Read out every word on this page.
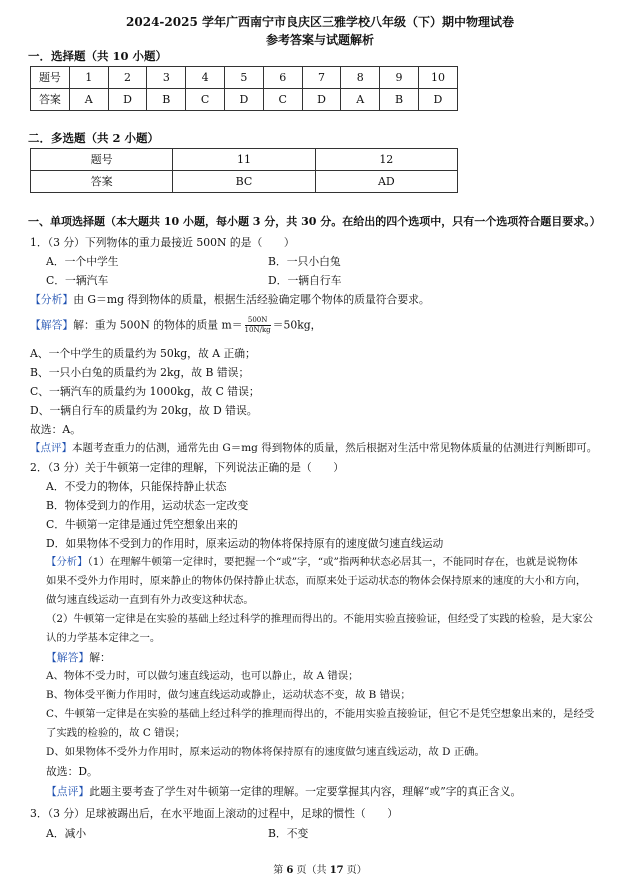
2024-2025 学年广西南宁市良庆区三雅学校八年级（下）期中物理试卷
参考答案与试题解析
一．选择题（共 10 小题）
题号	1	2	3	4	5	6	7	8	9	10
答案	A	D	B	C	D	C	D	A	B	D
二．多选题（共 2 小题）
题号	11	12
答案	BC	AD
一、单项选择题（本大题共 10 小题，每小题 3 分，共 30 分。在给出的四个选项中，只有一个选项符合题目要求。）
1．（3 分）下列物体的重力最接近 500N 的是（　　）
A．一个中学生	B．一只小白兔
C．一辆汽车	D．一辆自行车
【分析】由 G＝mg 得到物体的质量，根据生活经验确定哪个物体的质量符合要求。
【解答】解：重为 500N 的物体的质量 $m= \frac{500N}{10N/kg} =50kg$，
A、一个中学生的质量约为 50kg，故 A 正确；
B、一只小白兔的质量约为 2kg，故 B 错误；
C、一辆汽车的质量约为 1000kg，故 C 错误；
D、一辆自行车的质量约为 20kg，故 D 错误。
故选：A。
【点评】本题考查重力的估测，通常先由 G＝mg 得到物体的质量，然后根据对生活中常见物体质量的估测进行判断即可。
2．（3 分）关于牛顿第一定律的理解，下列说法正确的是（　　）
A．不受力的物体，只能保持静止状态
B．物体受到力的作用，运动状态一定改变
C．牛顿第一定律是通过凭空想象出来的
D．如果物体不受到力的作用时，原来运动的物体将保持原有的速度做匀速直线运动
【分析】（1）在理解牛顿第一定律时，要把握一个“或”字，“或”指两种状态必居其一，不能同时存在，也就是说物体
如果不受外力作用时，原来静止的物体仍保持静止状态，而原来处于运动状态的物体会保持原来的速度的大小和方向，
做匀速直线运动一直到有外力改变这种状态。
（2）牛顿第一定律是在实验的基础上经过科学的推理而得出的。不能用实验直接验证，但经受了实践的检验，是大家公
认的力学基本定律之一。
【解答】解：
A、物体不受力时，可以做匀速直线运动，也可以静止，故 A 错误；
B、物体受平衡力作用时，做匀速直线运动或静止，运动状态不变，故 B 错误；
C、牛顿第一定律是在实验的基础上经过科学的推理而得出的，不能用实验直接验证，但它不是凭空想象出来的，是经受
了实践的检验的，故 C 错误；
D、如果物体不受外力作用时，原来运动的物体将保持原有的速度做匀速直线运动，故 D 正确。
故选：D。
【点评】此题主要考查了学生对牛顿第一定律的理解。一定要掌握其内容，理解“或”字的真正含义。
3．（3 分）足球被踢出后，在水平地面上滚动的过程中，足球的惯性（　　）
A．减小	B．不变
第 6 页（共 17 页）
